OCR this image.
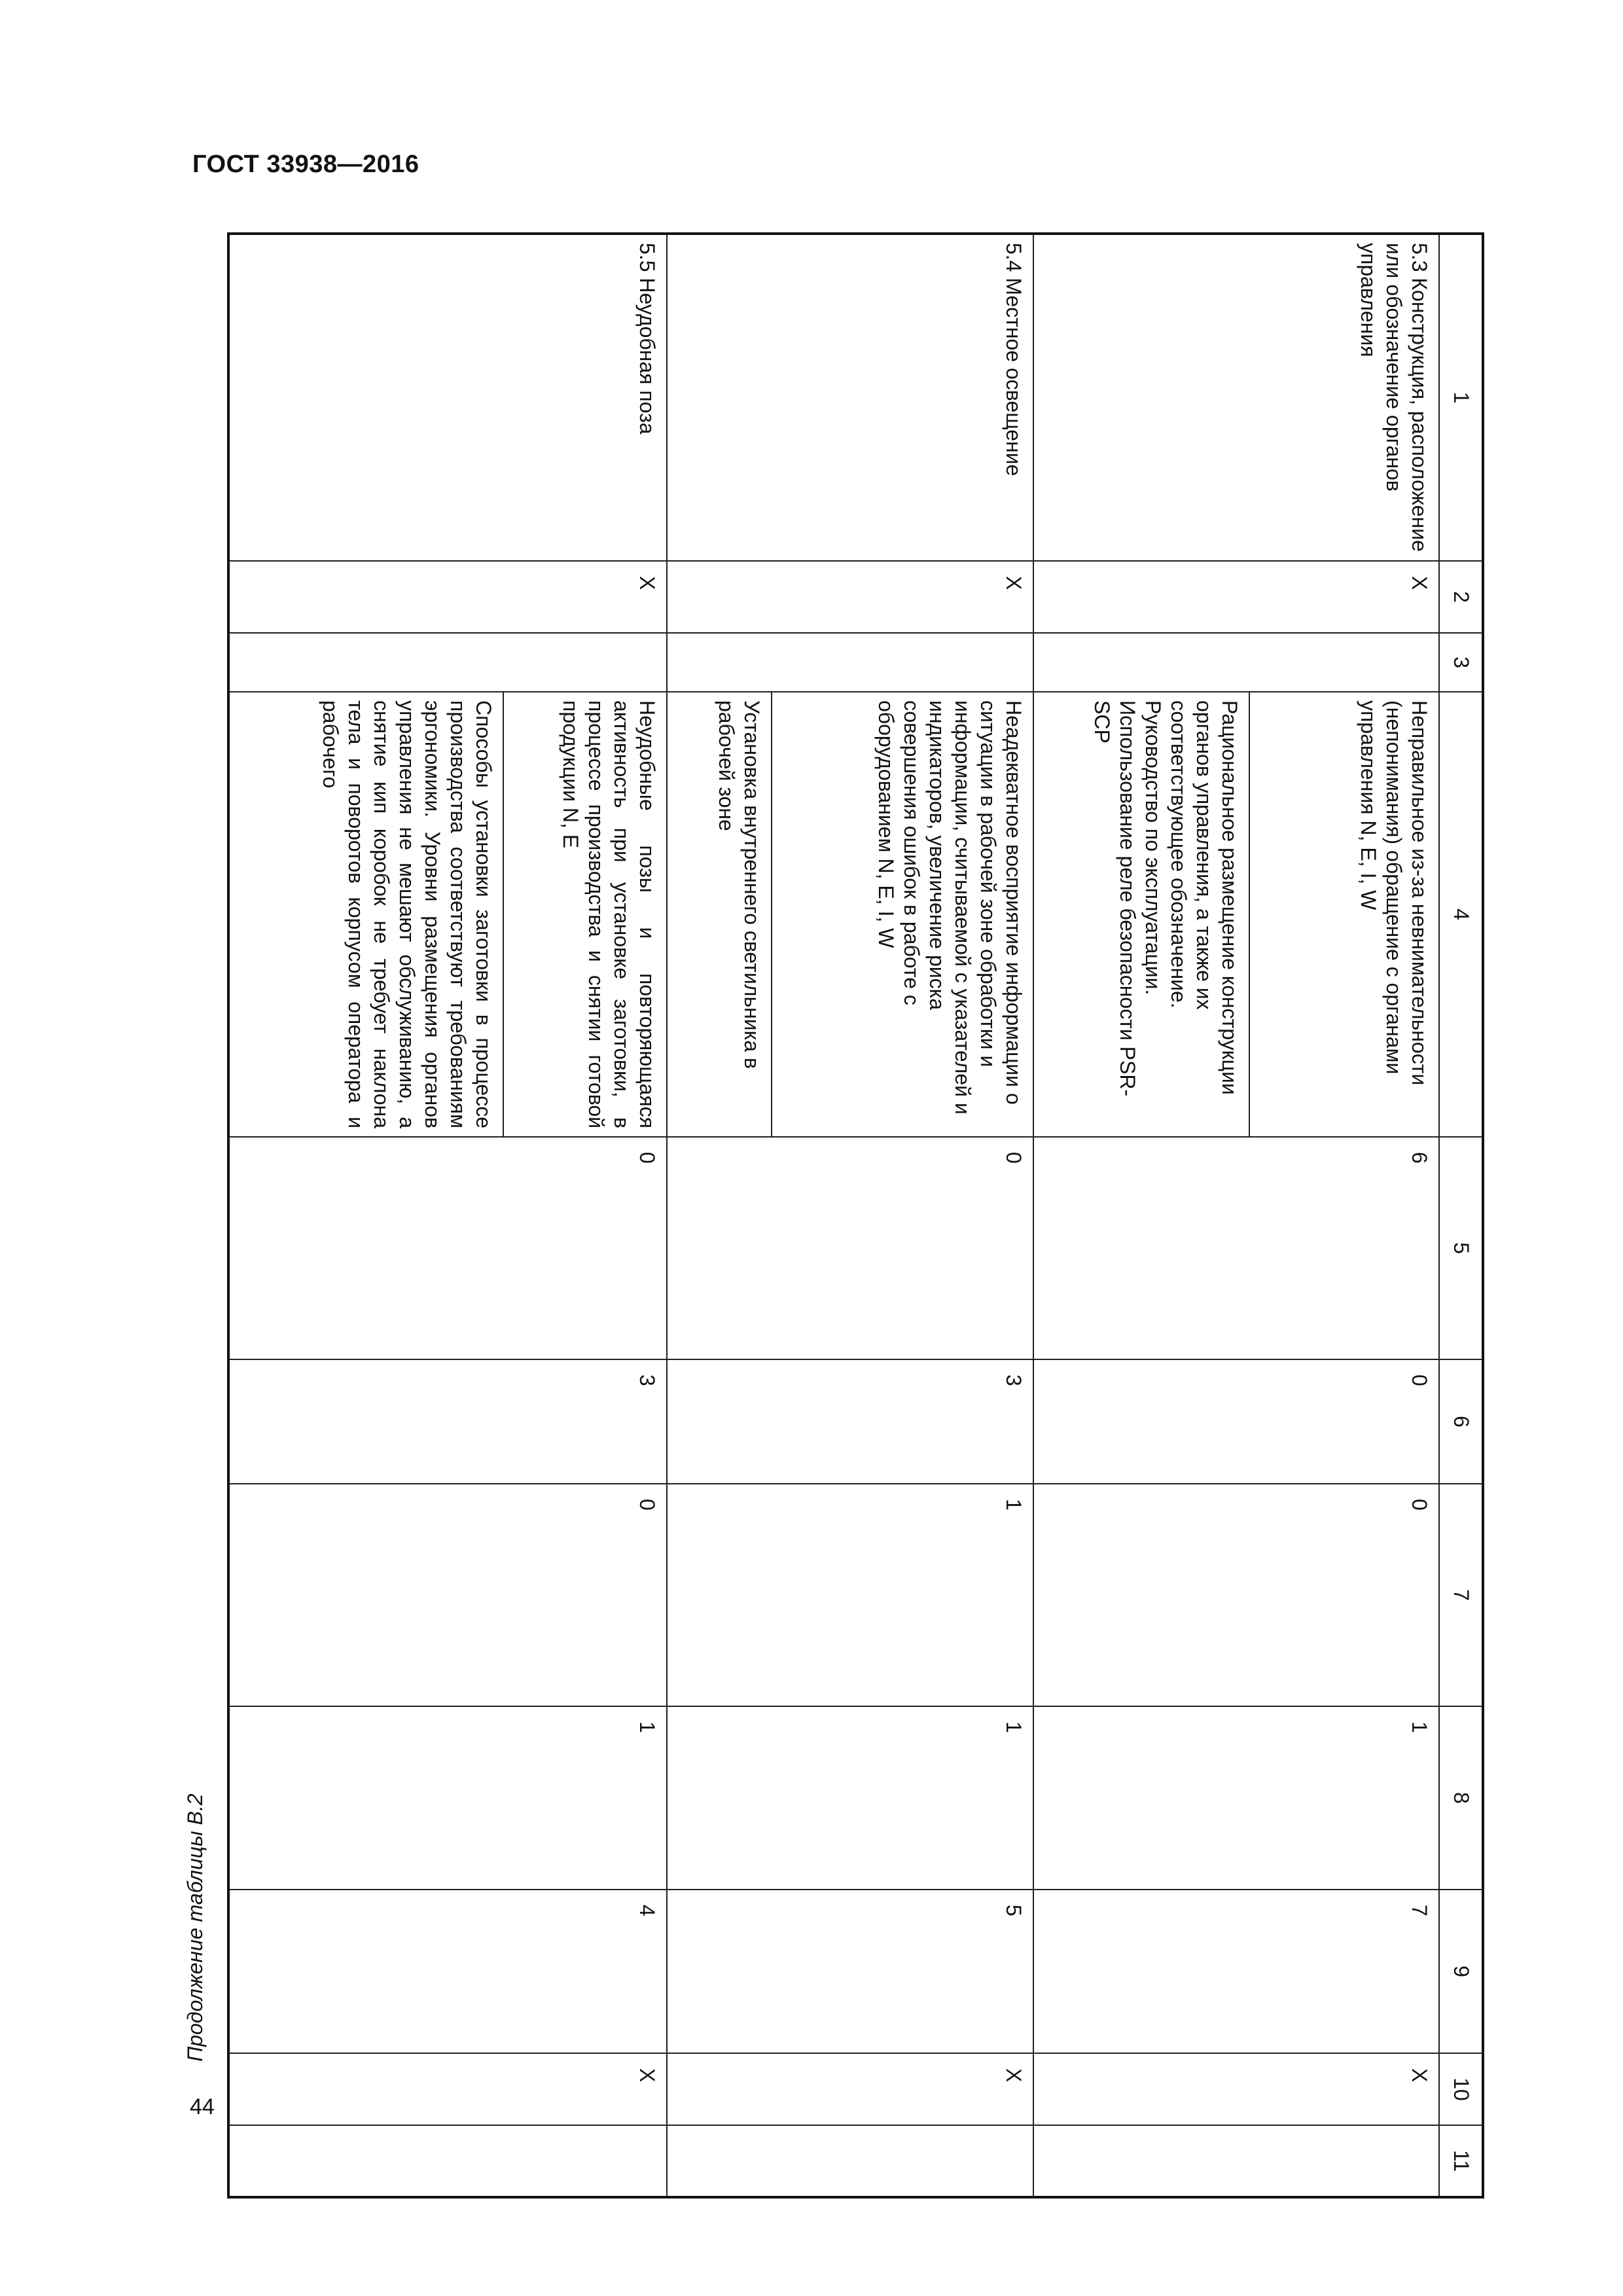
ГОСТ 33938—2016
Продолжение таблицы В.2
44
1	2	3	4	5	6	7	8	9	10	11
5.3 Конструкция, расположение или обозначение органов управления	X		Неправильное из-за невнимательности (непонимания) обращение с органами управления N, E, I, W	6	0	0	1	7	X	
			Рациональное размещение конструкции органов управления, а также их соответствующее обозначение. Руководство по эксплуатации. Использование реле безопасности PSR-SCP							
5.4 Местное освещение	X		Неадекватное восприятие информации о ситуации в рабочей зоне обработки и информации, считываемой с указателей и индикаторов, увеличение риска совершения ошибок в работе с оборудованием N, E, I, W	0	3	1	1	5	X	
			Установка внутреннего светильника в рабочей зоне							
5.5 Неудобная поза	X		Неудобные позы и повторяющаяся активность при установке заготовки, в процессе производства и снятии готовой продукции N, E	0	3	0	1	4	X	
			Способы установки заготовки в процессе производства соответствуют требованиям эргономики. Уровни размещения органов управления не мешают обслуживанию, а снятие кип коробок не требует наклона тела и поворотов корпусом оператора и рабочего							
